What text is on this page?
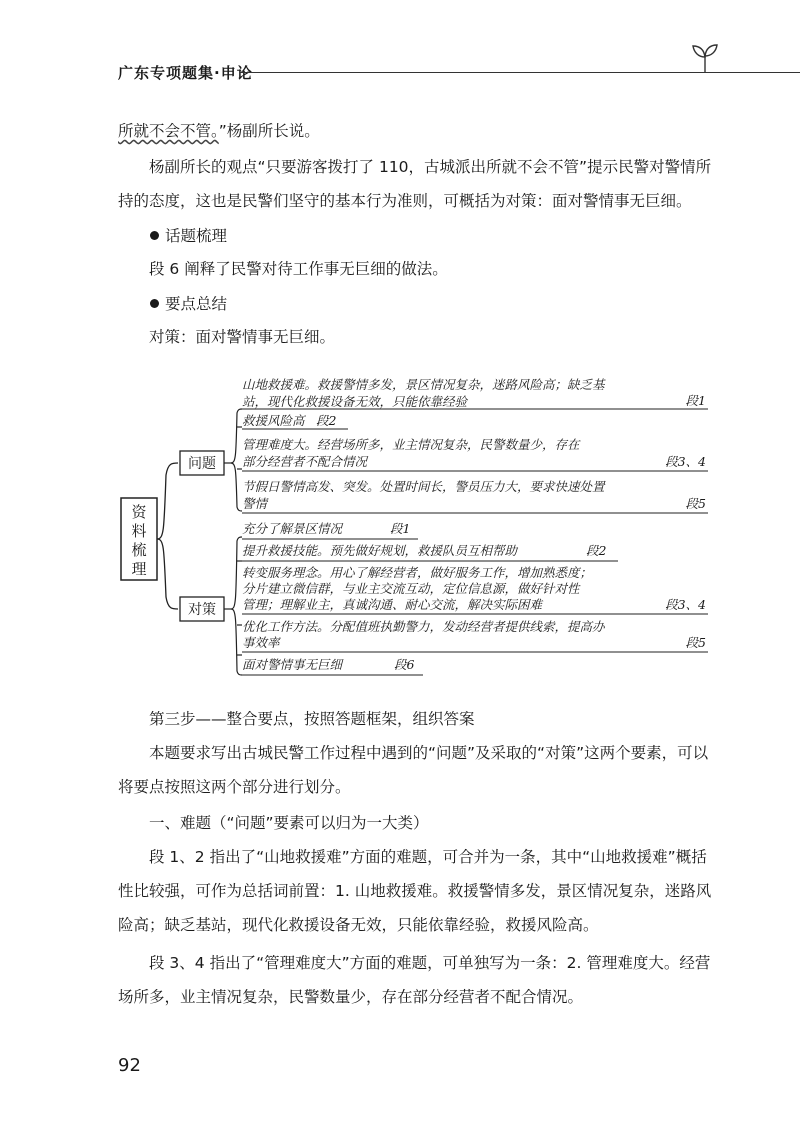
广东专项题集·申论

所就不会不管。”杨副所长说。

杨副所长的观点“只要游客拨打了 110，古城派出所就不会不管”提示民警对警情所持的态度，这也是民警们坚守的基本行为准则，可概括为对策：面对警情事无巨细。

话题梳理

段 6 阐释了民警对待工作事无巨细的做法。

要点总结

对策：面对警情事无巨细。

资
料
梳
理
问题
山地救援难。救援警情多发，景区情况复杂，迷路风险高；缺乏基
站，现代化救援设备无效，只能依靠经验	段1
救援风险高 段2
管理难度大。经营场所多，业主情况复杂，民警数量少，存在
部分经营者不配合情况	段3、4
节假日警情高发、突发。处置时间长，警员压力大，要求快速处置
警情	段5
对策
充分了解景区情况	段1
提升救援技能。预先做好规划，救援队员互相帮助	段2
转变服务理念。用心了解经营者，做好服务工作，增加熟悉度；
分片建立微信群，与业主交流互动，定位信息源，做好针对性
管理；理解业主，真诚沟通、耐心交流，解决实际困难	段3、4
优化工作方法。分配值班执勤警力，发动经营者提供线索，提高办
事效率	段5
面对警情事无巨细	段6

第三步——整合要点，按照答题框架，组织答案

本题要求写出古城民警工作过程中遇到的“问题”及采取的“对策”这两个要素，可以将要点按照这两个部分进行划分。

一、难题（“问题”要素可以归为一大类）

段 1、2 指出了“山地救援难”方面的难题，可合并为一条，其中“山地救援难”概括性比较强，可作为总括词前置：1. 山地救援难。救援警情多发，景区情况复杂，迷路风险高；缺乏基站，现代化救援设备无效，只能依靠经验，救援风险高。

段 3、4 指出了“管理难度大”方面的难题，可单独写为一条：2. 管理难度大。经营场所多，业主情况复杂，民警数量少，存在部分经营者不配合情况。

92
